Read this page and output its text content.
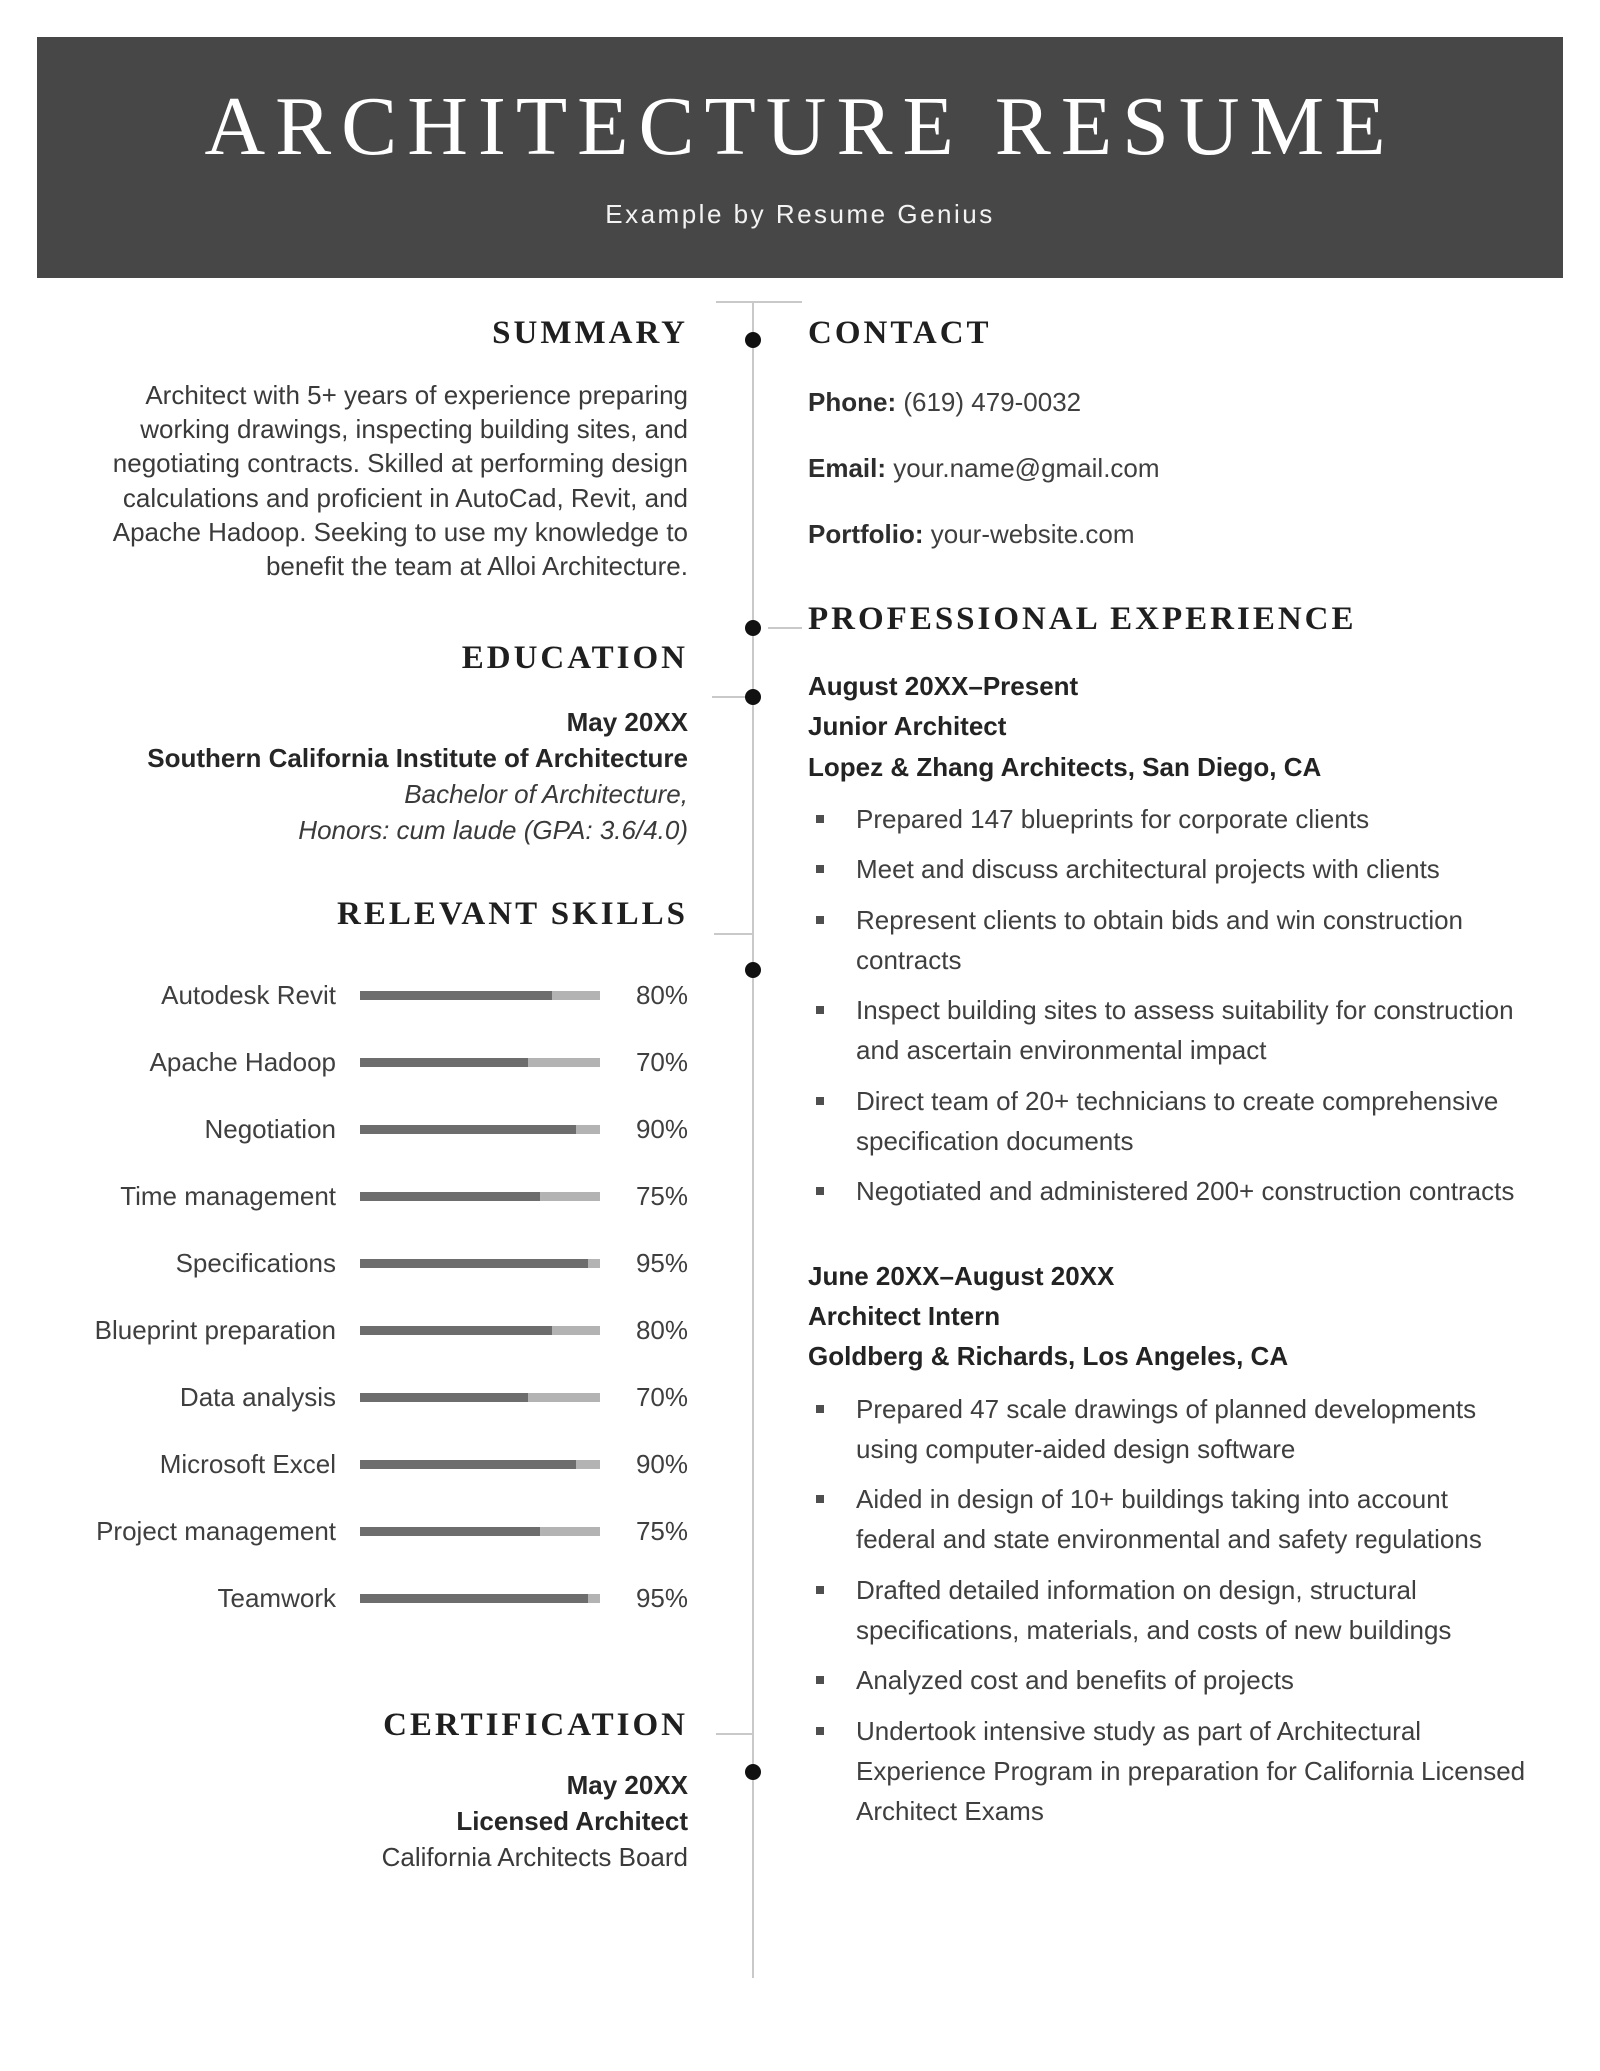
ARCHITECTURE RESUME
Example by Resume Genius
SUMMARY

Architect with 5+ years of experience preparing working drawings, inspecting building sites, and negotiating contracts. Skilled at performing design calculations and proficient in AutoCad, Revit, and Apache Hadoop. Seeking to use my knowledge to benefit the team at Alloi Architecture.

EDUCATION

May 20XX

Southern California Institute of Architecture

Bachelor of Architecture,

Honors: cum laude (GPA: 3.6/4.0)

RELEVANT SKILLS
Autodesk Revit	80%
Apache Hadoop	70%
Negotiation	90%
Time management	75%
Specifications	95%
Blueprint preparation	80%
Data analysis	70%
Microsoft Excel	90%
Project management	75%
Teamwork	95%
CERTIFICATION

May 20XX

Licensed Architect

California Architects Board

CONTACT

Phone: (619) 479-0032

Email: your.name@gmail.com

Portfolio: your-website.com

PROFESSIONAL EXPERIENCE

August 20XX–Present

Junior Architect

Lopez & Zhang Architects, San Diego, CA

Prepared 147 blueprints for corporate clients
Meet and discuss architectural projects with clients
Represent clients to obtain bids and win construction contracts
Inspect building sites to assess suitability for construction and ascertain environmental impact
Direct team of 20+ technicians to create comprehensive specification documents
Negotiated and administered 200+ construction contracts

June 20XX–August 20XX

Architect Intern

Goldberg & Richards, Los Angeles, CA

Prepared 47 scale drawings of planned developments using computer-aided design software
Aided in design of 10+ buildings taking into account federal and state environmental and safety regulations
Drafted detailed information on design, structural specifications, materials, and costs of new buildings
Analyzed cost and benefits of projects
Undertook intensive study as part of Architectural Experience Program in preparation for California Licensed Architect Exams
